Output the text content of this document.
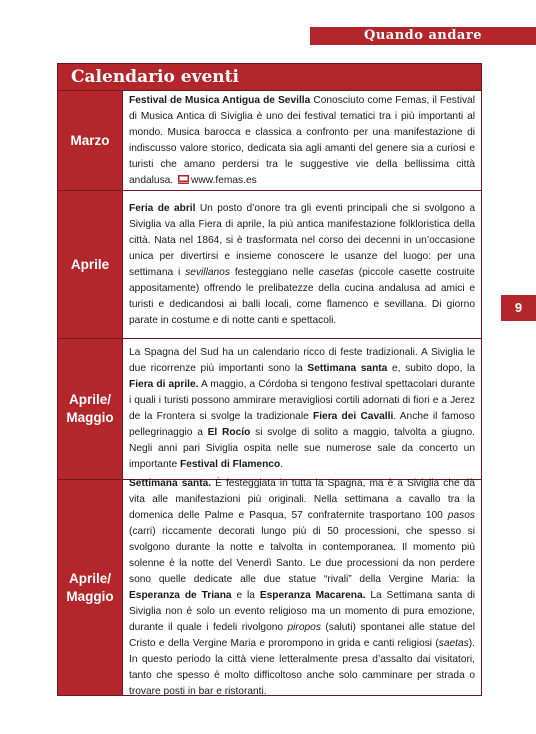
Quando andare
9
Calendario eventi
Marzo

Festival de Musica Antigua de Sevilla Conosciuto come Femas, il Festival di Musica Antica di Siviglia è uno dei festival tematici tra i più importanti al mondo. Musica barocca e classica a confronto per una manifestazione di indiscusso valore storico, dedicata sia agli amanti del genere sia a curiosi e turisti che amano perdersi tra le suggestive vie della bellissima città andalusa. www.femas.es

Aprile

Feria de abril Un posto d’onore tra gli eventi principali che si svolgono a Siviglia va alla Fiera di aprile, la più antica manifestazione folkloristica della città. Nata nel 1864, si è trasformata nel corso dei decenni in un’occasione unica per divertirsi e insieme conoscere le usanze del luogo: per una settimana i sevillanos festeggiano nelle casetas (piccole casette costruite appositamente) offrendo le prelibatezze della cucina andalusa ad amici e turisti e dedicandosi ai balli locali, come flamenco e sevillana. Di giorno parate in costume e di notte canti e spettacoli.

Aprile/
Maggio

La Spagna del Sud ha un calendario ricco di feste tradizionali. A Siviglia le due ricorrenze più importanti sono la Settimana santa e, subito dopo, la Fiera di aprile. A maggio, a Córdoba si tengono festival spettacolari durante i quali i turisti possono ammirare meravigliosi cortili adornati di fiori e a Jerez de la Frontera si svolge la tradizionale Fiera dei Cavalli. Anche il famoso pellegrinaggio a El Rocío si svolge di solito a maggio, talvolta a giugno. Negli anni pari Siviglia ospita nelle sue numerose sale da concerto un importante Festival di Flamenco.

Aprile/
Maggio

Settimana santa. È festeggiata in tutta la Spagna, ma è a Siviglia che dà vita alle manifestazioni più originali. Nella settimana a cavallo tra la domenica delle Palme e Pasqua, 57 confraternite trasportano 100 pasos (carri) riccamente decorati lungo più di 50 processioni, che spesso si svolgono durante la notte e talvolta in contemporanea. Il momento più solenne è la notte del Venerdì Santo. Le due processioni da non perdere sono quelle dedicate alle due statue “rivali” della Vergine Maria: la Esperanza de Triana e la Esperanza Macarena. La Settimana santa di Siviglia non è solo un evento religioso ma un momento di pura emozione, durante il quale i fedeli rivolgono piropos (saluti) spontanei alle statue del Cristo e della Vergine Maria e prorompono in grida e canti religiosi (saetas). In questo periodo la città viene letteralmente presa d’assalto dai visitatori, tanto che spesso è molto difficoltoso anche solo camminare per strada o trovare posti in bar e ristoranti.
